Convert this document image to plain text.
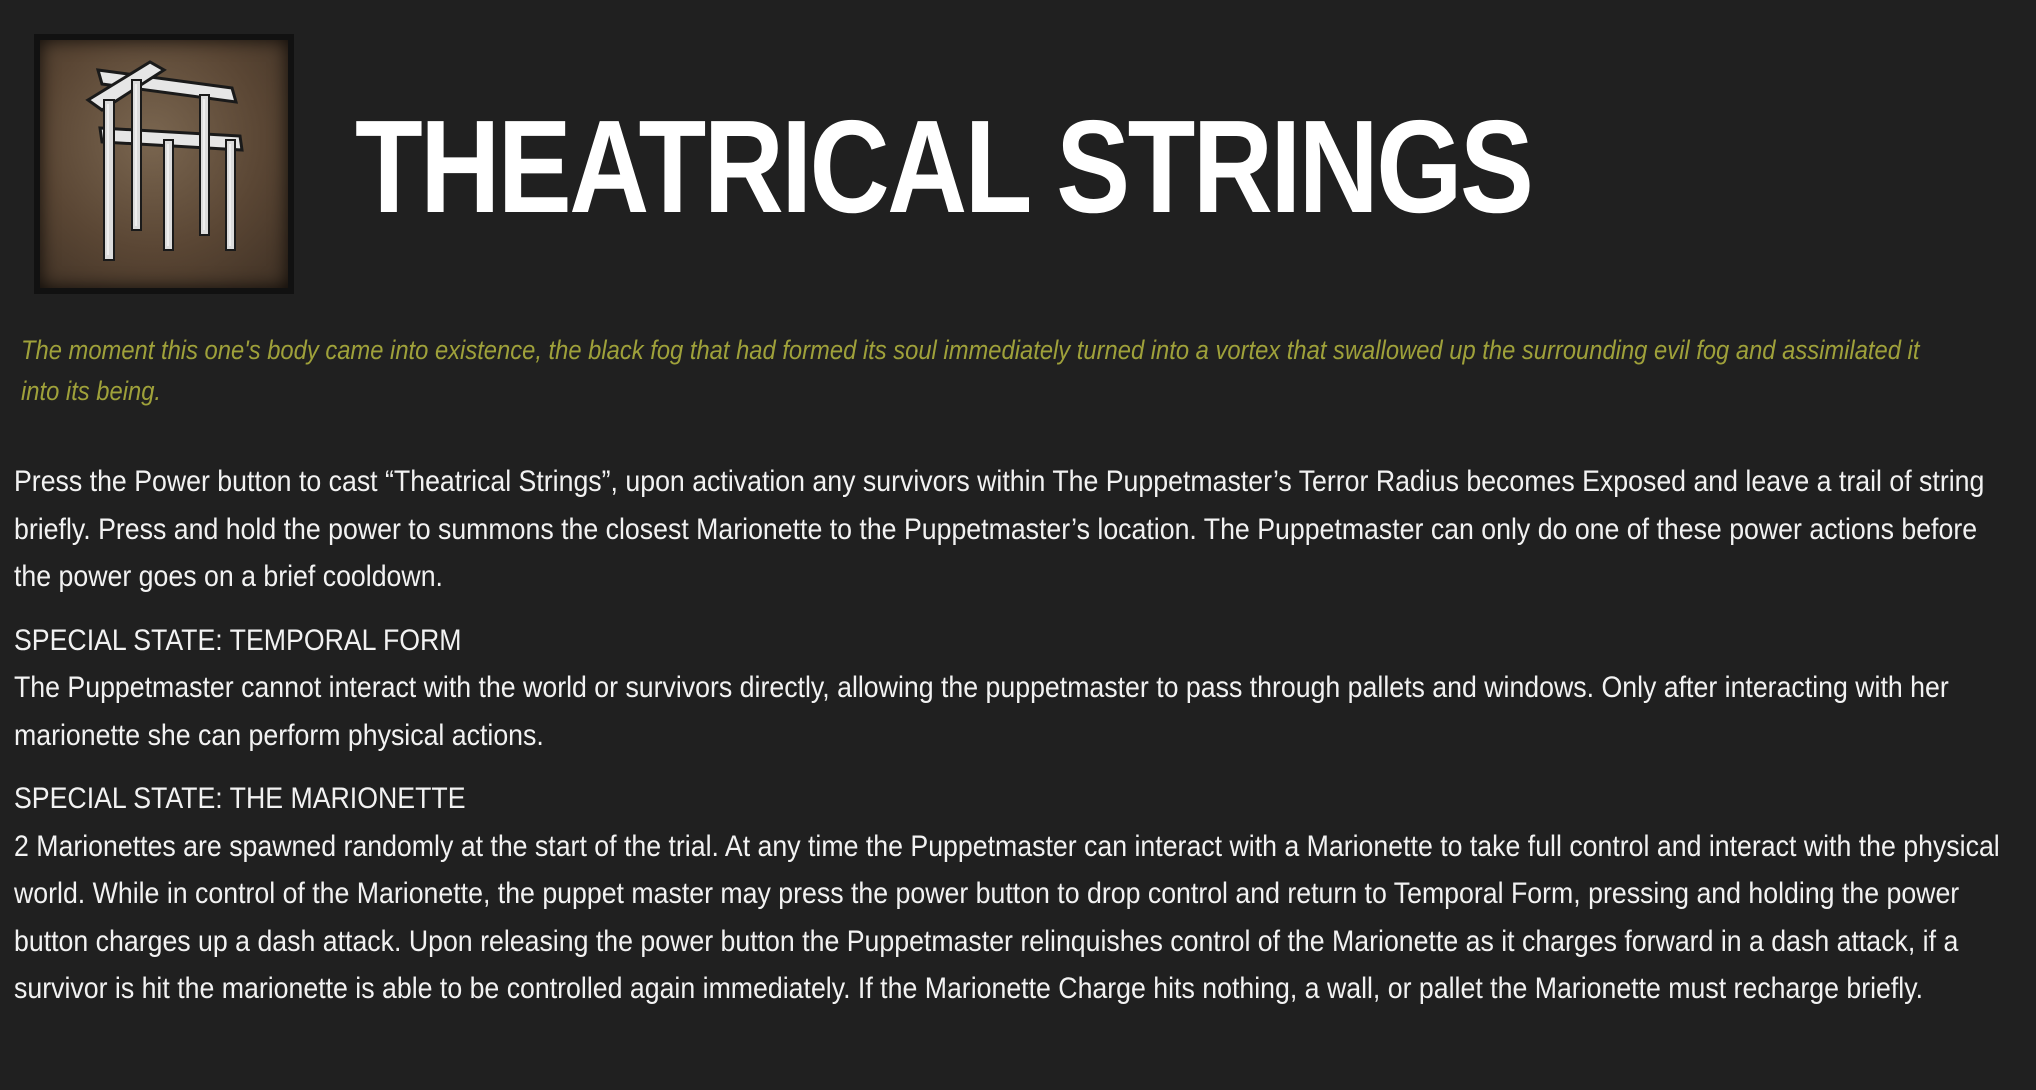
THEATRICAL STRINGS

The moment this one's body came into existence, the black fog that had formed its soul immediately turned into a vortex that swallowed up the surrounding evil fog and assimilated it into its being.

Press the Power button to cast “Theatrical Strings”, upon activation any survivors within The Puppetmaster’s Terror Radius becomes Exposed and leave a trail of string briefly. Press and hold the power to summons the closest Marionette to the Puppetmaster’s location. The Puppetmaster can only do one of these power actions before the power goes on a brief cooldown.

SPECIAL STATE: TEMPORAL FORM

The Puppetmaster cannot interact with the world or survivors directly, allowing the puppetmaster to pass through pallets and windows. Only after interacting with her marionette she can perform physical actions.

SPECIAL STATE: THE MARIONETTE

2 Marionettes are spawned randomly at the start of the trial. At any time the Puppetmaster can interact with a Marionette to take full control and interact with the physical world. While in control of the Marionette, the puppet master may press the power button to drop control and return to Temporal Form, pressing and holding the power button charges up a dash attack. Upon releasing the power button the Puppetmaster relinquishes control of the Marionette as it charges forward in a dash attack, if a survivor is hit the marionette is able to be controlled again immediately. If the Marionette Charge hits nothing, a wall, or pallet the Marionette must recharge briefly.
